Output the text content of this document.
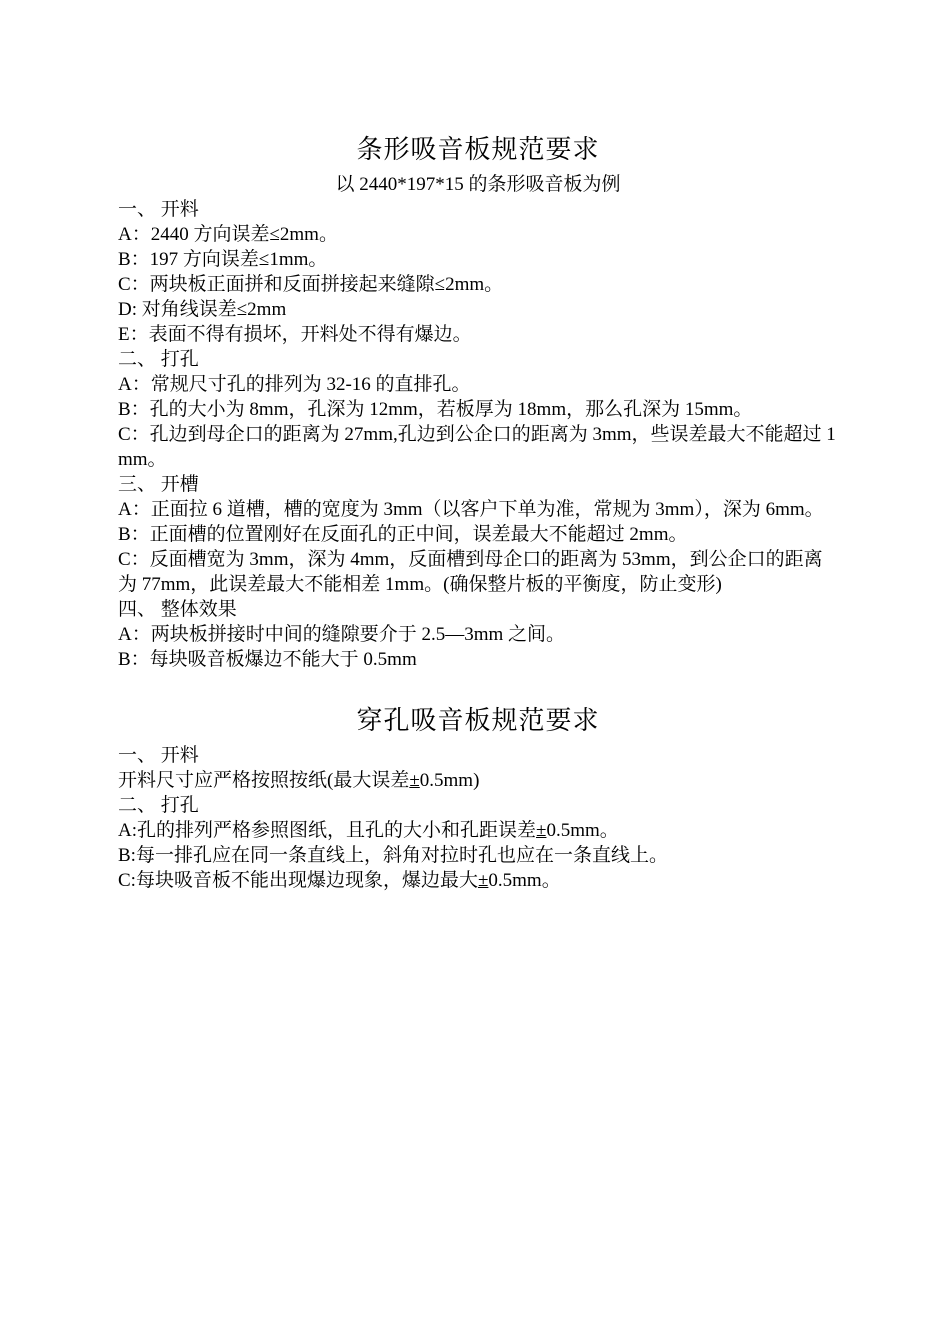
条形吸音板规范要求

以 2440*197*15 的条形吸音板为例

一、 开料

A：2440 方向误差≤2mm。

B：197 方向误差≤1mm。

C：两块板正面拼和反面拼接起来缝隙≤2mm。

D: 对角线误差≤2mm

E：表面不得有损坏，开料处不得有爆边。

二、 打孔

A：常规尺寸孔的排列为 32-16 的直排孔。

B：孔的大小为 8mm，孔深为 12mm，若板厚为 18mm，那么孔深为 15mm。

C：孔边到母企口的距离为 27mm,孔边到公企口的距离为 3mm，些误差最大不能超过 1mm。

三、 开槽

A：正面拉 6 道槽，槽的宽度为 3mm（以客户下单为准，常规为 3mm），深为 6mm。

B：正面槽的位置刚好在反面孔的正中间，误差最大不能超过 2mm。

C：反面槽宽为 3mm，深为 4mm，反面槽到母企口的距离为 53mm，到公企口的距离为 77mm，此误差最大不能相差 1mm。(确保整片板的平衡度，防止变形)

四、 整体效果

A：两块板拼接时中间的缝隙要介于 2.5—3mm 之间。

B：每块吸音板爆边不能大于 0.5mm

穿孔吸音板规范要求

一、 开料

开料尺寸应严格按照按纸(最大误差±0.5mm)

二、 打孔

A:孔的排列严格参照图纸，且孔的大小和孔距误差±0.5mm。

B:每一排孔应在同一条直线上，斜角对拉时孔也应在一条直线上。

C:每块吸音板不能出现爆边现象，爆边最大±0.5mm。
